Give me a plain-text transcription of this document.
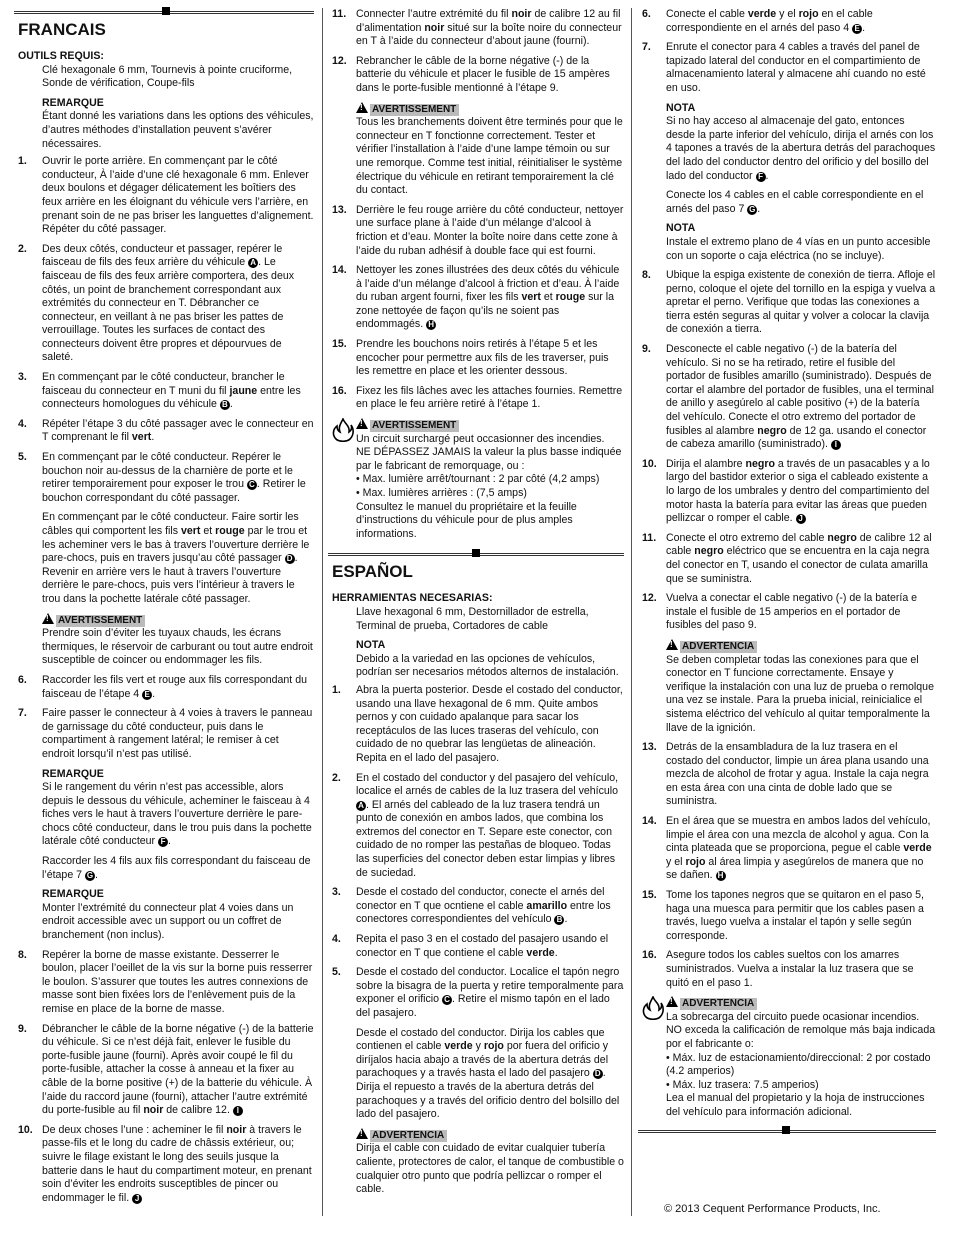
FRANCAIS
OUTILS REQUIS:
Clé hexagonale 6 mm, Tournevis à pointe cruciforme, Sonde de vérification, Coupe-fils
REMARQUE
Étant donné les variations dans les options des véhicules, d’autres méthodes d’installation peuvent s’avérer nécessaires.
1. Ouvrir le porte arrière. En commençant par le côté conducteur, À l’aide d’une clé hexagonale 6 mm. Enlever deux boulons et dégager délicatement les boîtiers des feux arrière en les éloignant du véhicule vers l’arrière, en prenant soin de ne pas briser les languettes d’alignement. Répéter du côté passager.
2. Des deux côtés, conducteur et passager, repérer le faisceau de fils des feux arrière du véhicule A . Le faisceau de fils des feux arrière comportera, des deux côtés, un point de branchement correspondant aux extrémités du connecteur en T. Débrancher ce connecteur, en veillant à ne pas briser les pattes de verrouillage. Toutes les surfaces de contact des connecteurs doivent être propres et dépourvues de saleté.
3. En commençant par le côté conducteur, brancher le faisceau du connecteur en T muni du fil jaune entre les connecteurs homologues du véhicule B .
4. Répéter l’étape 3 du côté passager avec le connecteur en T comprenant le fil vert.
5. En commençant par le côté conducteur. Repérer le bouchon noir au-dessus de la charnière de porte et le retirer temporairement pour exposer le trou C . Retirer le bouchon correspondant du côté passager.
En commençant par le côté conducteur. Faire sortir les câbles qui comportent les fils vert et rouge par le trou et les acheminer vers le bas à travers l’ouverture derrière le pare-chocs, puis en travers jusqu’au côté passager D . Revenir en arrière vers le haut à travers l’ouverture derrière le pare-chocs, puis vers l’intérieur à travers le trou dans la pochette latérale côté passager.
!AVERTISSEMENT
Prendre soin d’éviter les tuyaux chauds, les écrans thermiques, le réservoir de carburant ou tout autre endroit susceptible de coincer ou endommager les fils.
6. Raccorder les fils vert et rouge aux fils correspondant du faisceau de l’étape 4 E .
7. Faire passer le connecteur à 4 voies à travers le panneau de garnissage du côté conducteur, puis dans le compartiment à rangement latéral; le remiser à cet endroit lorsqu’il n’est pas utilisé.
REMARQUE
Si le rangement du vérin n’est pas accessible, alors depuis le dessous du véhicule, acheminer le faisceau à 4 fiches vers le haut à travers l’ouverture derrière le pare-chocs côté conducteur, dans le trou puis dans la pochette latérale côté conducteur F .
Raccorder les 4 fils aux fils correspondant du faisceau de l’étape 7 G .
REMARQUE
Monter l’extrémité du connecteur plat 4 voies dans un endroit accessible avec un support ou un coffret de branchement (non inclus).
8. Repérer la borne de masse existante. Desserrer le boulon, placer l’oeillet de la vis sur la borne puis resserrer le boulon. S’assurer que toutes les autres connexions de masse sont bien fixées lors de l’enlèvement puis de la remise en place de la borne de masse.
9. Débrancher le câble de la borne négative (-) de la batterie du véhicule. Si ce n’est déjà fait, enlever le fusible du porte-fusible jaune (fourni). Après avoir coupé le fil du porte-fusible, attacher la cosse à anneau et la fixer au câble de la borne positive (+) de la batterie du véhicule. À l’aide du raccord jaune (fourni), attacher l’autre extrémité du porte-fusible au fil noir de calibre 12. I
10. De deux choses l’une : acheminer le fil noir à travers le passe-fils et le long du cadre de châssis extérieur, ou; suivre le filage existant le long des seuils jusque la batterie dans le haut du compartiment moteur, en prenant soin d’éviter les endroits susceptibles de pincer ou endommager le fil. J
11. Connecter l’autre extrémité du fil noir de calibre 12 au fil d’alimentation noir situé sur la boîte noire du connecteur en T à l’aide du connecteur d’about jaune (fourni).
12. Rebrancher le câble de la borne négative (-) de la batterie du véhicule et placer le fusible de 15 ampères dans le porte-fusible mentionné à l’étape 9.
!AVERTISSEMENT
Tous les branchements doivent être terminés pour que le connecteur en T fonctionne correctement. Tester et vérifier l’installation à l’aide d’une lampe témoin ou sur une remorque. Comme test initial, réinitialiser le système électrique du véhicule en retirant temporairement la clé du contact.
13. Derrière le feu rouge arrière du côté conducteur, nettoyer une surface plane à l’aide d’un mélange d’alcool à friction et d’eau. Monter la boîte noire dans cette zone à l’aide du ruban adhésif à double face qui est fourni.
14. Nettoyer les zones illustrées des deux côtés du véhicule à l’aide d’un mélange d’alcool à friction et d’eau. À l’aide du ruban argent fourni, fixer les fils vert et rouge sur la zone nettoyée de façon qu’ils ne soient pas endommagés. H
15. Prendre les bouchons noirs retirés à l’étape 5 et les encocher pour permettre aux fils de les traverser, puis les remettre en place et les orienter dessous.
16. Fixez les fils lâches avec les attaches fournies. Remettre en place le feu arrière retiré à l’étape 1.
!AVERTISSEMENT
Un circuit surchargé peut occasionner des incendies.
NE DÉPASSEZ JAMAIS la valeur la plus basse indiquée par le fabricant de remorquage, ou :
• Max. lumière arrêt/tournant : 2 par côté (4,2 amps)
• Max. lumières arrières : (7,5 amps)
Consultez le manuel du propriétaire et la feuille d’instructions du véhicule pour de plus amples informations.
ESPAÑOL
HERRAMIENTAS NECESARIAS:
Llave hexagonal 6 mm, Destornillador de estrella, Terminal de prueba, Cortadores de cable
NOTA
Debido a la variedad en las opciones de vehículos, podrían ser necesarios métodos alternos de instalación.
1. Abra la puerta posterior. Desde el costado del conductor, usando una llave hexagonal de 6 mm. Quite ambos pernos y con cuidado apalanque para sacar los receptáculos de las luces traseras del vehículo, con cuidado de no quebrar las lengüetas de alineación. Repita en el lado del pasajero.
2. En el costado del conductor y del pasajero del vehículo, localice el arnés de cables de la luz trasera del vehículo A . El arnés del cableado de la luz trasera tendrá un punto de conexión en ambos lados, que combina los extremos del conector en T. Separe este conector, con cuidado de no romper las pestañas de bloqueo. Todas las superficies del conector deben estar limpias y libres de suciedad.
3. Desde el costado del conductor, conecte el arnés del conector en T que ocntiene el cable amarillo entre los conectores correspondientes del vehículo B .
4. Repita el paso 3 en el costado del pasajero usando el conector en T que contiene el cable verde.
5. Desde el costado del conductor. Localice el tapón negro sobre la bisagra de la puerta y retire temporalmente para exponer el orificio C . Retire el mismo tapón en el lado del pasajero.
Desde el costado del conductor. Dirija los cables que contienen el cable verde y rojo por fuera del orificio y diríjalos hacia abajo a través de la abertura detrás del parachoques y a través hasta el lado del pasajero D . Dirija el repuesto a través de la abertura detrás del parachoques y a través del orificio dentro del bolsillo del lado del pasajero.
!ADVERTENCIA
Dirija el cable con cuidado de evitar cualquier tubería caliente, protectores de calor, el tanque de combustible o cualquier otro punto que podría pellizcar o romper el cable.
6. Conecte el cable verde y el rojo en el cable correspondiente en el arnés del paso 4 E .
7. Enrute el conector para 4 cables a través del panel de tapizado lateral del conductor en el compartimiento de almacenamiento lateral y almacene ahí cuando no esté en uso.
NOTA
Si no hay acceso al almacenaje del gato, entonces desde la parte inferior del vehículo, dirija el arnés con los 4 tapones a través de la abertura detrás del parachoques del lado del conductor dentro del orificio y del bosillo del lado del conductor F .
Conecte los 4 cables en el cable correspondiente en el arnés del paso 7 G .
NOTA
Instale el extremo plano de 4 vías en un punto accesible con un soporte o caja eléctrica (no se incluye).
8. Ubique la espiga existente de conexión de tierra. Afloje el perno, coloque el ojete del tornillo en la espiga y vuelva a apretar el perno. Verifique que todas las conexiones a tierra estén seguras al quitar y volver a colocar la clavija de conexión a tierra.
9. Desconecte el cable negativo (-) de la batería del vehículo. Si no se ha retirado, retire el fusible del portador de fusibles amarillo (suministrado). Después de cortar el alambre del portador de fusibles, una el terminal de anillo y asegúrelo al cable positivo (+) de la batería del vehículo. Conecte el otro extremo del portador de fusibles al alambre negro de 12 ga. usando el conector de cabeza amarillo (suministrado). I
10. Dirija el alambre negro a través de un pasacables y a lo largo del bastidor exterior o siga el cableado existente a lo largo de los umbrales y dentro del compartimiento del motor hasta la batería para evitar las áreas que pueden pellizcar o romper el cable. J
11. Conecte el otro extremo del cable negro de calibre 12 al cable negro eléctrico que se encuentra en la caja negra del conector en T, usando el conector de culata amarilla que se suministra.
12. Vuelva a conectar el cable negativo (-) de la batería e instale el fusible de 15 amperios en el portador de fusibles del paso 9.
!ADVERTENCIA
Se deben completar todas las conexiones para que el conector en T funcione correctamente. Ensaye y verifique la instalación con una luz de prueba o remolque una vez se instale. Para la prueba inicial, reinicialice el sistema eléctrico del vehículo al quitar temporalmente la llave de la ignición.
13. Detrás de la ensambladura de la luz trasera en el costado del conductor, limpie un área plana usando una mezcla de alcohol de frotar y agua. Instale la caja negra en esta área con una cinta de doble lado que se suministra.
14. En el área que se muestra en ambos lados del vehículo, limpie el área con una mezcla de alcohol y agua. Con la cinta plateada que se proporciona, pegue el cable verde y el rojo al área limpia y asegúrelos de manera que no se dañen. H
15. Tome los tapones negros que se quitaron en el paso 5, haga una muesca para permitir que los cables pasen a través, luego vuelva a instalar el tapón y selle según corresponde.
16. Asegure todos los cables sueltos con los amarres suministrados. Vuelva a instalar la luz trasera que se quitó en el paso 1.
!ADVERTENCIA
La sobrecarga del circuito puede ocasionar incendios.
NO exceda la calificación de remolque más baja indicada por el fabricante o:
• Máx. luz de estacionamiento/direccional: 2 por costado (4.2 amperios)
• Máx. luz trasera: 7.5 amperios)
Lea el manual del propietario y la hoja de instrucciones del vehículo para información adicional.
© 2013 Cequent Performance Products, Inc.
